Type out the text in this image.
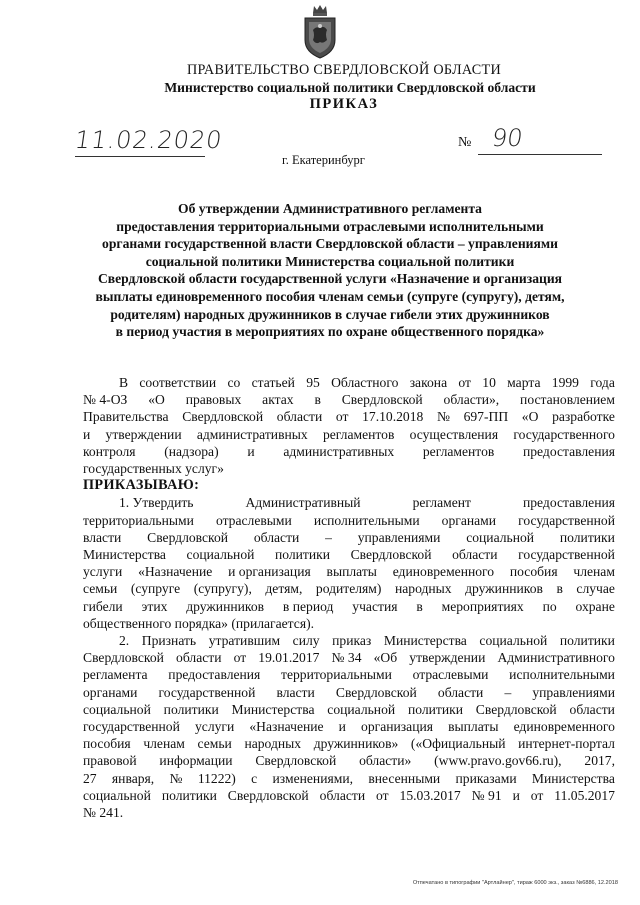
ПРАВИТЕЛЬСТВО СВЕРДЛОВСКОЙ ОБЛАСТИ
Министерство социальной политики Свердловской области
ПРИКАЗ
11.02.2020	№ 90
г. Екатеринбург
Об утверждении Административного регламента
предоставления территориальными отраслевыми исполнительными
органами государственной власти Свердловской области – управлениями
социальной политики Министерства социальной политики
Свердловской области государственной услуги «Назначение и организация
выплаты единовременного пособия членам семьи (супруге (супругу), детям,
родителям) народных дружинников в случае гибели этих дружинников
в период участия в мероприятиях по охране общественного порядка»
В соответствии со статьей 95 Областного закона от 10 марта 1999 года
№ 4-ОЗ «О правовых актах в Свердловской области», постановлением
Правительства Свердловской области от 17.10.2018 № 697-ПП «О разработке
и утверждении административных регламентов осуществления государственного
контроля (надзора) и административных регламентов предоставления
государственных услуг»
ПРИКАЗЫВАЮ:
1. Утвердить	Административный	регламент	предоставления
территориальными отраслевыми исполнительными органами государственной
власти Свердловской области – управлениями социальной политики
Министерства социальной политики Свердловской области государственной
услуги «Назначение и организация выплаты единовременного пособия членам
семьи (супруге (супругу), детям, родителям) народных дружинников в случае
гибели этих дружинников в период участия в мероприятиях по охране
общественного порядка» (прилагается).
2. Признать утратившим силу приказ Министерства социальной политики
Свердловской области от 19.01.2017 № 34 «Об утверждении Административного
регламента предоставления территориальными отраслевыми исполнительными
органами государственной власти Свердловской области – управлениями
социальной политики Министерства социальной политики Свердловской области
государственной услуги «Назначение и организация выплаты единовременного
пособия членам семьи народных дружинников» («Официальный интернет-портал
правовой информации Свердловской области» (www.pravo.gov66.ru), 2017,
27 января, № 11222) с изменениями, внесенными приказами Министерства
социальной политики Свердловской области от 15.03.2017 № 91 и от 11.05.2017
№ 241.
Отпечатано в типографии "Артлайнер", тираж 6000 экз., заказ №6886, 12.2018
